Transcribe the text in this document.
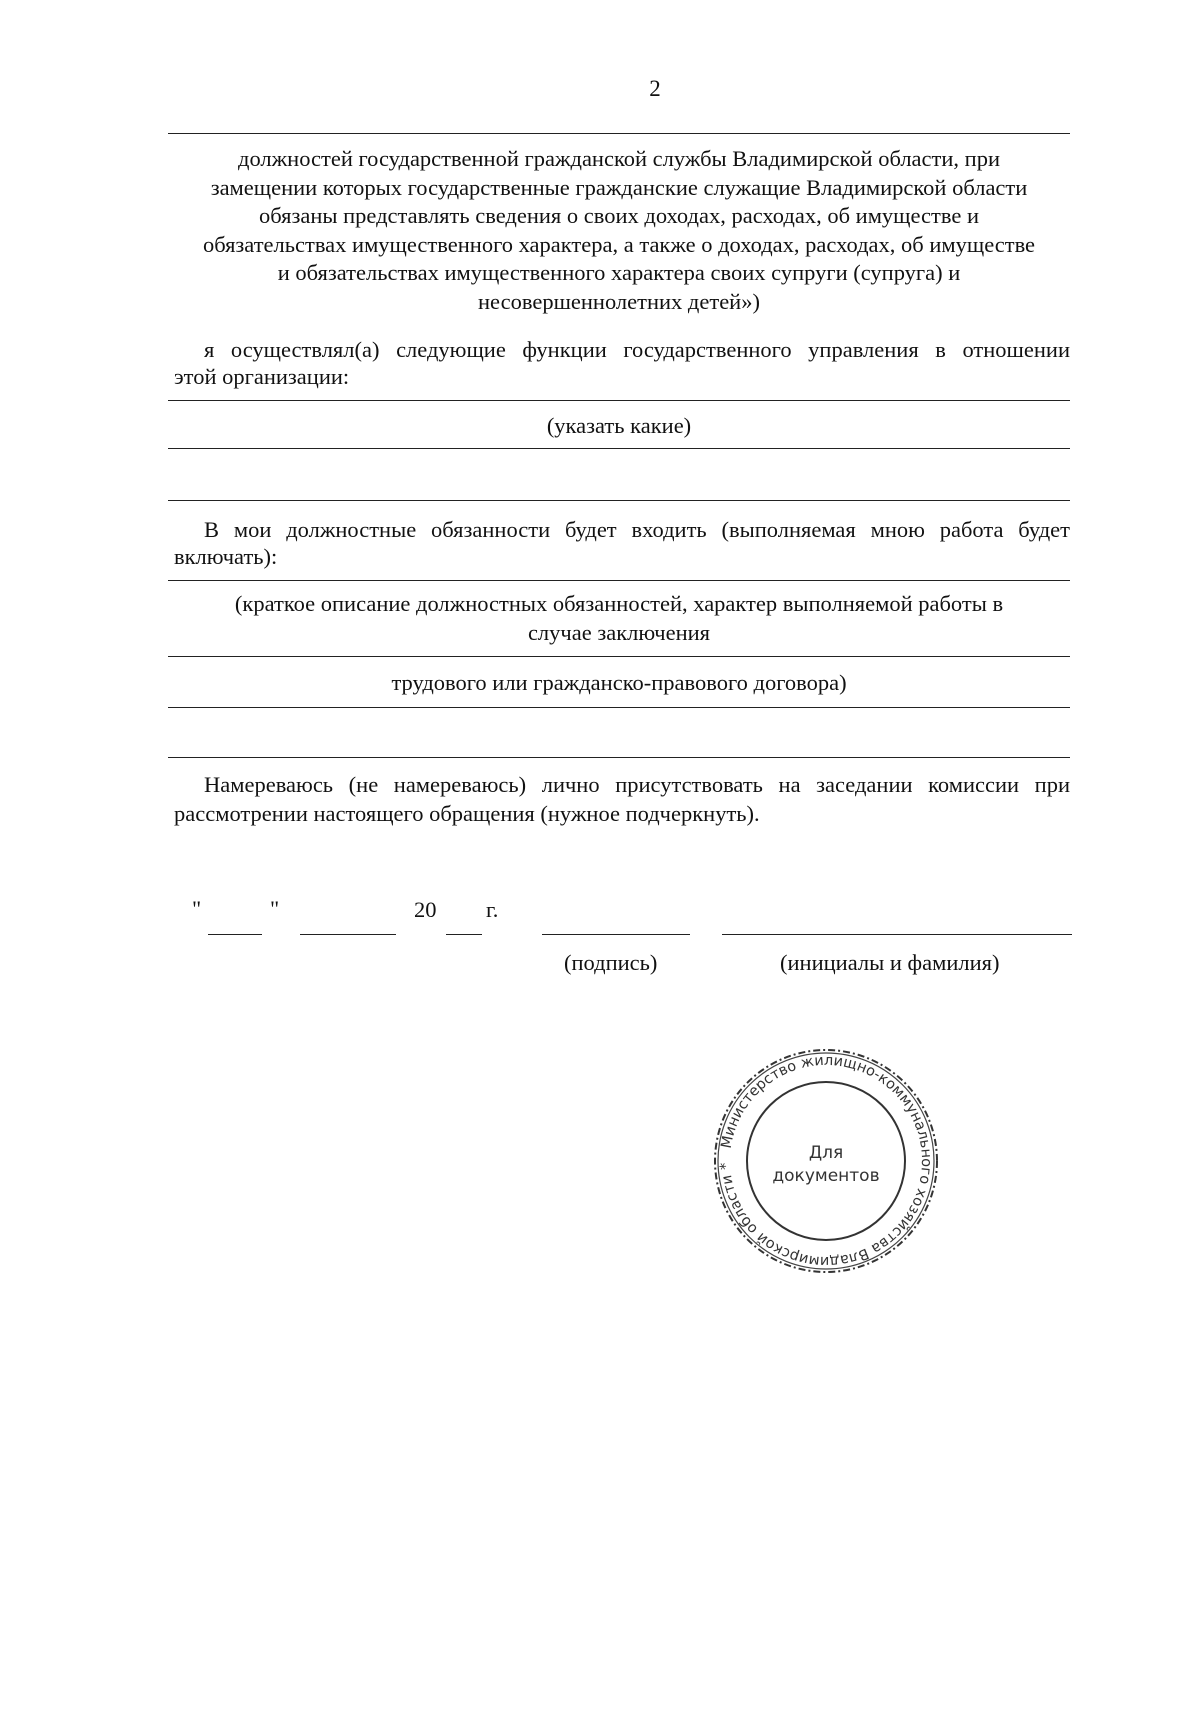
2
должностей государственной гражданской службы Владимирской области, при
замещении которых государственные гражданские служащие Владимирской области
обязаны представлять сведения о своих доходах, расходах, об имуществе и
обязательствах имущественного характера, а также о доходах, расходах, об имуществе
и обязательствах имущественного характера своих супруги (супруга) и
несовершеннолетних детей»)
я осуществлял(а) следующие функции государственного управления в отношении
этой организации:
(указать какие)
В мои должностные обязанности будет входить (выполняемая мною работа будет
включать):
(краткое описание должностных обязанностей, характер выполняемой работы в
случае заключения
трудового или гражданско-правового договора)
Намереваюсь (не намереваюсь) лично присутствовать на заседании комиссии при
рассмотрении настоящего обращения (нужное подчеркнуть).
"	"	20 г.
(подпись)	(инициалы и фамилия)
Министерство жилищно-коммунального хозяйства Владимирской области *
Для
документов
